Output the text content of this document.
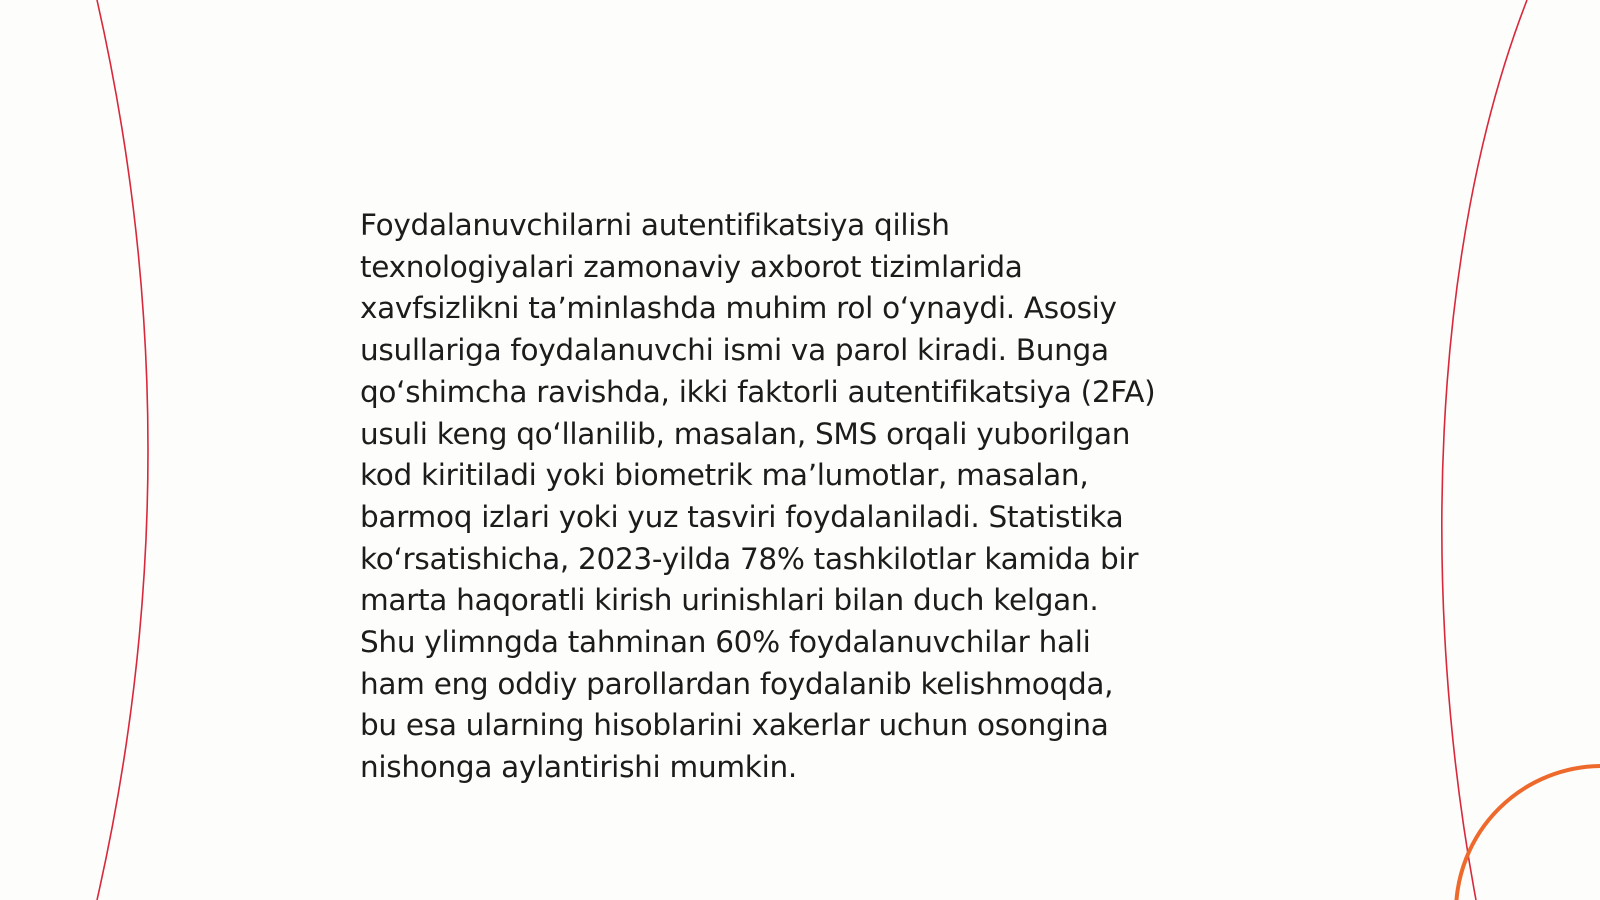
Foydalanuvchilarni autentifikatsiya qilish
texnologiyalari zamonaviy axborot tizimlarida
xavfsizlikni ta’minlashda muhim rol o‘ynaydi. Asosiy
usullariga foydalanuvchi ismi va parol kiradi. Bunga
qo‘shimcha ravishda, ikki faktorli autentifikatsiya (2FA)
usuli keng qo‘llanilib, masalan, SMS orqali yuborilgan
kod kiritiladi yoki biometrik ma’lumotlar, masalan,
barmoq izlari yoki yuz tasviri foydalaniladi. Statistika
ko‘rsatishicha, 2023-yilda 78% tashkilotlar kamida bir
marta haqoratli kirish urinishlari bilan duch kelgan.
Shu ylimngda tahminan 60% foydalanuvchilar hali
ham eng oddiy parollardan foydalanib kelishmoqda,
bu esa ularning hisoblarini xakerlar uchun osongina
nishonga aylantirishi mumkin.
